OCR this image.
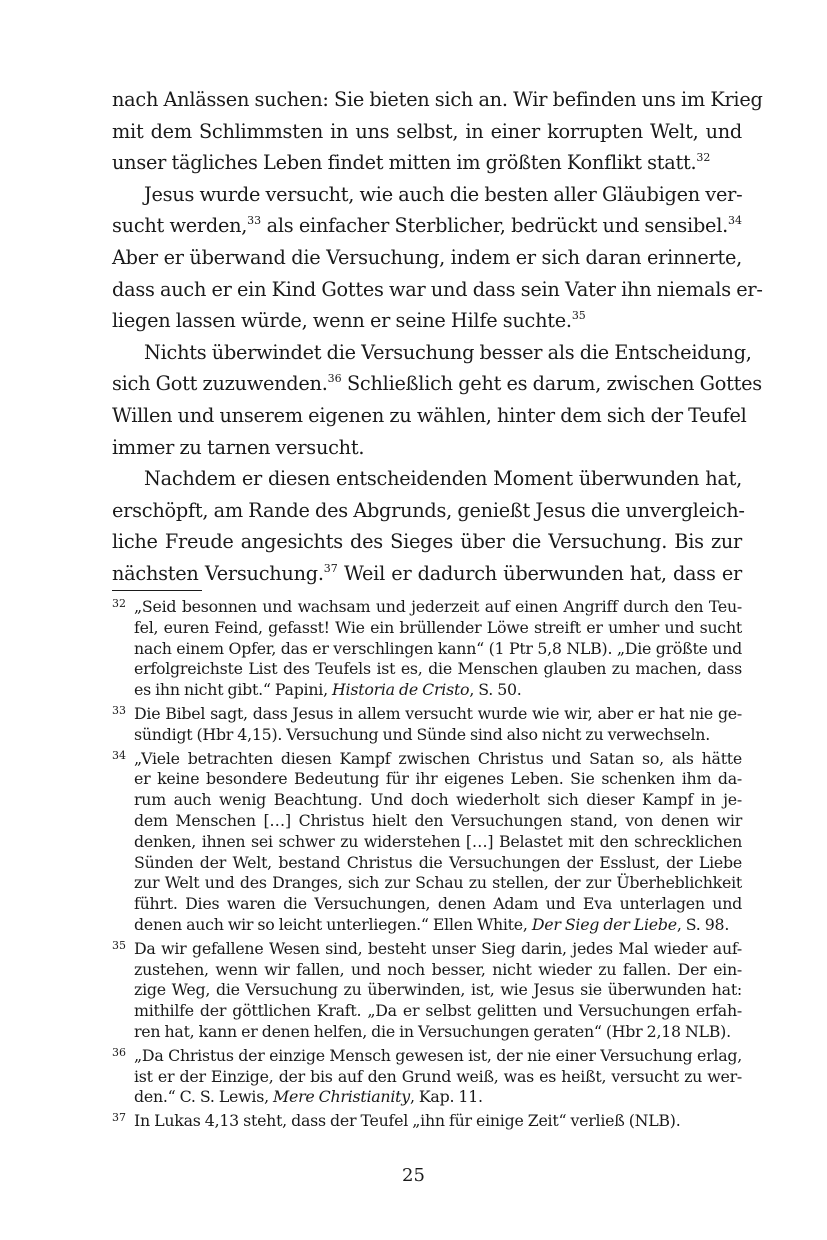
nach Anlässen suchen: Sie bieten sich an. Wir befinden uns im Krieg
mit dem Schlimmsten in uns selbst, in einer korrupten Welt, und
unser tägliches Leben findet mitten im größten Konflikt statt.$^{32}$
Jesus wurde versucht, wie auch die besten aller Gläubigen ver-
sucht werden,$^{33}$ als einfacher Sterblicher, bedrückt und sensibel.$^{34}$
Aber er überwand die Versuchung, indem er sich daran erinnerte,
dass auch er ein Kind Gottes war und dass sein Vater ihn niemals er-
liegen lassen würde, wenn er seine Hilfe suchte.$^{35}$
Nichts überwindet die Versuchung besser als die Entscheidung,
sich Gott zuzuwenden.$^{36}$ Schließlich geht es darum, zwischen Gottes
Willen und unserem eigenen zu wählen, hinter dem sich der Teufel
immer zu tarnen versucht.
Nachdem er diesen entscheidenden Moment überwunden hat,
erschöpft, am Rande des Abgrunds, genießt Jesus die unvergleich-
liche Freude angesichts des Sieges über die Versuchung. Bis zur
nächsten Versuchung.$^{37}$ Weil er dadurch überwunden hat, dass er
32 „Seid besonnen und wachsam und jederzeit auf einen Angriff durch den Teu-
fel, euren Feind, gefasst! Wie ein brüllender Löwe streift er umher und sucht
nach einem Opfer, das er verschlingen kann“ (1 Ptr 5,8 NLB). „Die größte und
erfolgreichste List des Teufels ist es, die Menschen glauben zu machen, dass
es ihn nicht gibt.“ Papini, Historia de Cristo, S. 50.
33 Die Bibel sagt, dass Jesus in allem versucht wurde wie wir, aber er hat nie ge-
sündigt (Hbr 4,15). Versuchung und Sünde sind also nicht zu verwechseln.
34 „Viele betrachten diesen Kampf zwischen Christus und Satan so, als hätte
er keine besondere Bedeutung für ihr eigenes Leben. Sie schenken ihm da-
rum auch wenig Beachtung. Und doch wiederholt sich dieser Kampf in je-
dem Menschen […] Christus hielt den Versuchungen stand, von denen wir
denken, ihnen sei schwer zu widerstehen […] Belastet mit den schrecklichen
Sünden der Welt, bestand Christus die Versuchungen der Esslust, der Liebe
zur Welt und des Dranges, sich zur Schau zu stellen, der zur Überheblichkeit
führt. Dies waren die Versuchungen, denen Adam und Eva unterlagen und
denen auch wir so leicht unterliegen.“ Ellen White, Der Sieg der Liebe, S. 98.
35 Da wir gefallene Wesen sind, besteht unser Sieg darin, jedes Mal wieder auf-
zustehen, wenn wir fallen, und noch besser, nicht wieder zu fallen. Der ein-
zige Weg, die Versuchung zu überwinden, ist, wie Jesus sie überwunden hat:
mithilfe der göttlichen Kraft. „Da er selbst gelitten und Versuchungen erfah-
ren hat, kann er denen helfen, die in Versuchungen geraten“ (Hbr 2,18 NLB).
36 „Da Christus der einzige Mensch gewesen ist, der nie einer Versuchung erlag,
ist er der Einzige, der bis auf den Grund weiß, was es heißt, versucht zu wer-
den.“ C. S. Lewis, Mere Christianity, Kap. 11.
37 In Lukas 4,13 steht, dass der Teufel „ihn für einige Zeit“ verließ (NLB).
25
